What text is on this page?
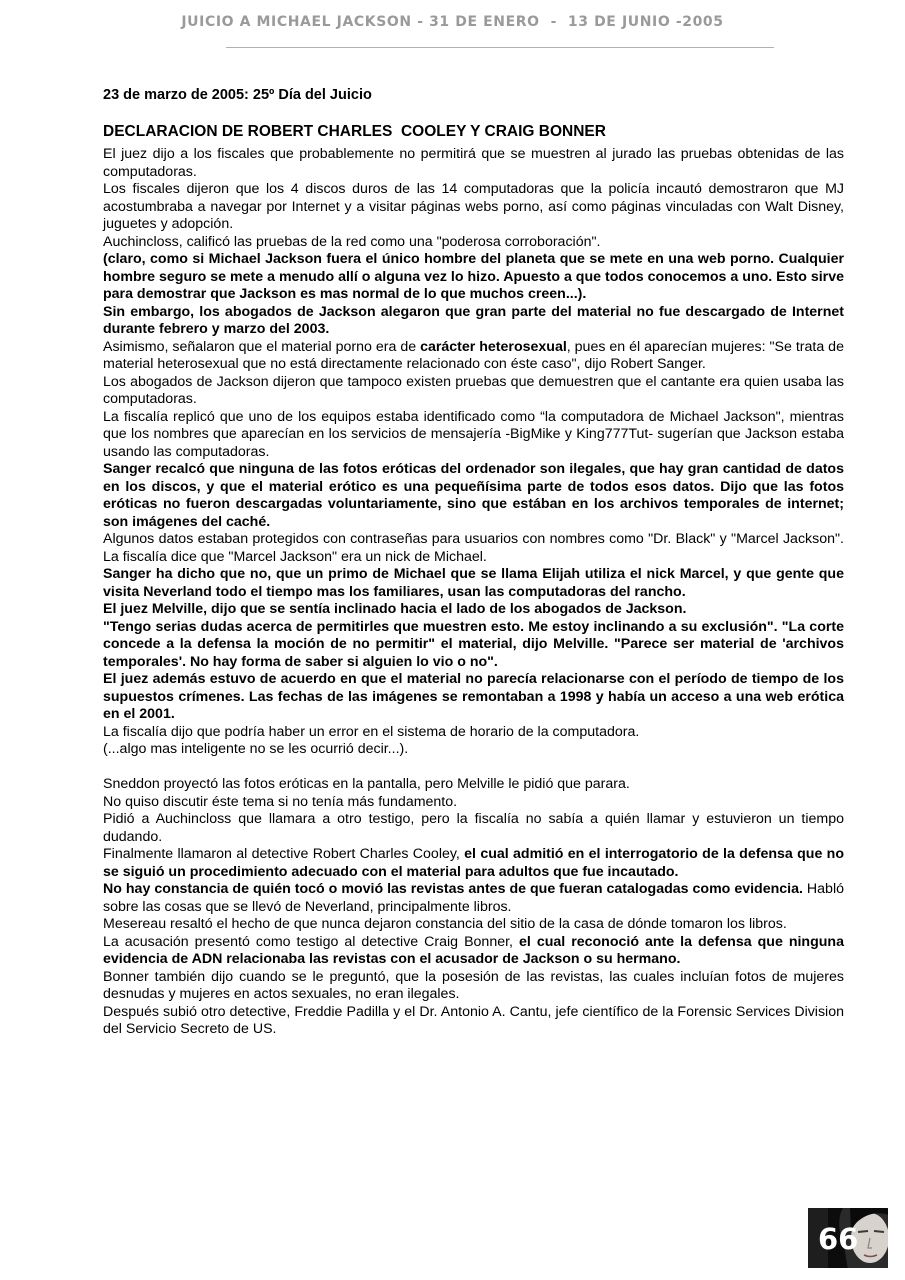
JUICIO A MICHAEL JACKSON - 31 DE ENERO  -  13 DE JUNIO -2005
23 de marzo de 2005: 25º Día del Juicio
DECLARACION DE ROBERT CHARLES  COOLEY Y CRAIG BONNER

El juez dijo a los fiscales que probablemente no permitirá que se muestren al jurado las pruebas obtenidas de las computadoras.

Los fiscales dijeron que los 4 discos duros de las 14 computadoras que la policía incautó demostraron que MJ acostumbraba a navegar por Internet y a visitar páginas webs porno, así como páginas vinculadas con Walt Disney, juguetes y adopción.

Auchincloss, calificó las pruebas de la red como una "poderosa corroboración".

(claro, como si Michael Jackson fuera el único hombre del planeta que se mete en una web porno. Cualquier hombre seguro se mete a menudo allí o alguna vez lo hizo. Apuesto a que todos conocemos a uno. Esto sirve para demostrar que Jackson es mas normal de lo que muchos creen...).

Sin embargo, los abogados de Jackson alegaron que gran parte del material no fue descargado de Internet durante febrero y marzo del 2003.

Asimismo, señalaron que el material porno era de carácter heterosexual, pues en él aparecían mujeres: "Se trata de material heterosexual que no está directamente relacionado con éste caso", dijo Robert Sanger.

Los abogados de Jackson dijeron que tampoco existen pruebas que demuestren que el cantante era quien usaba las computadoras.

La fiscalía replicó que uno de los equipos estaba identificado como “la computadora de Michael Jackson", mientras que los nombres que aparecían en los servicios de mensajería -BigMike y King777Tut- sugerían que Jackson estaba usando las computadoras.

Sanger recalcó que ninguna de las fotos eróticas del ordenador son ilegales, que hay gran cantidad de datos en los discos, y que el material erótico es una pequeñísima parte de todos esos datos. Dijo que las fotos eróticas no fueron descargadas voluntariamente, sino que estában en los archivos temporales de internet; son imágenes del caché.

Algunos datos estaban protegidos con contraseñas para usuarios con nombres como "Dr. Black" y "Marcel Jackson". La fiscalía dice que "Marcel Jackson" era un nick de Michael.

Sanger ha dicho que no, que un primo de Michael que se llama Elijah utiliza el nick Marcel, y que gente que visita Neverland todo el tiempo mas los familiares, usan las computadoras del rancho.

El juez Melville, dijo que se sentía inclinado hacia el lado de los abogados de Jackson.

"Tengo serias dudas acerca de permitirles que muestren esto. Me estoy inclinando a su exclusión". "La corte concede a la defensa la moción de no permitir" el material, dijo Melville. "Parece ser material de 'archivos temporales'. No hay forma de saber si alguien lo vio o no".

El juez además estuvo de acuerdo en que el material no parecía relacionarse con el período de tiempo de los supuestos crímenes. Las fechas de las imágenes se remontaban a 1998 y había un acceso a una web erótica en el 2001.

La fiscalía dijo que podría haber un error en el sistema de horario de la computadora.

(...algo mas inteligente no se les ocurrió decir...).

Sneddon proyectó las fotos eróticas en la pantalla, pero Melville le pidió que parara.

No quiso discutir éste tema si no tenía más fundamento.

Pidió a Auchincloss que llamara a otro testigo, pero la fiscalía no sabía a quién llamar y estuvieron un tiempo dudando.

Finalmente llamaron al detective Robert Charles Cooley, el cual admitió en el interrogatorio de la defensa que no se siguió un procedimiento adecuado con el material para adultos que fue incautado.

No hay constancia de quién tocó o movió las revistas antes de que fueran catalogadas como evidencia. Habló sobre las cosas que se llevó de Neverland, principalmente libros.

Mesereau resaltó el hecho de que nunca dejaron constancia del sitio de la casa de dónde tomaron los libros.

La acusación presentó como testigo al detective Craig Bonner, el cual reconoció ante la defensa que ninguna evidencia de ADN relacionaba las revistas con el acusador de Jackson o su hermano.

Bonner también dijo cuando se le preguntó, que la posesión de las revistas, las cuales incluían fotos de mujeres desnudas y mujeres en actos sexuales, no eran ilegales.

Después subió otro detective, Freddie Padilla y el Dr. Antonio A. Cantu, jefe científico de la Forensic Services Division del Servicio Secreto de US.

66
